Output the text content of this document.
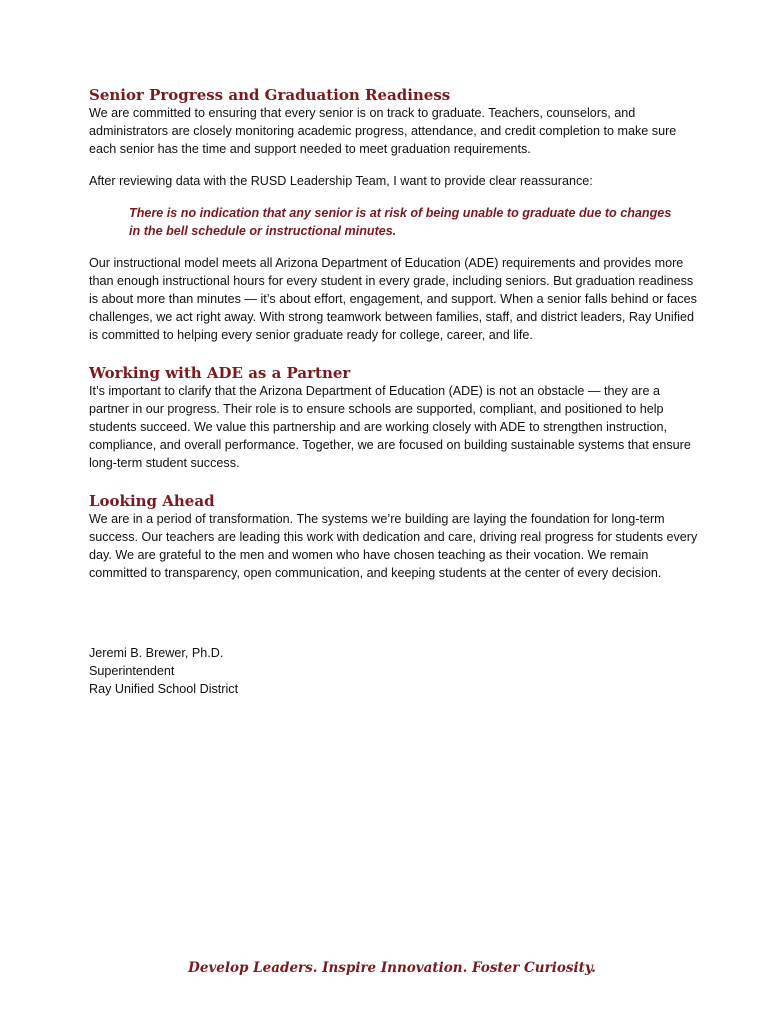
Senior Progress and Graduation Readiness

We are committed to ensuring that every senior is on track to graduate. Teachers, counselors, and administrators are closely monitoring academic progress, attendance, and credit completion to make sure each senior has the time and support needed to meet graduation requirements.

After reviewing data with the RUSD Leadership Team, I want to provide clear reassurance:

There is no indication that any senior is at risk of being unable to graduate due to changes in the bell schedule or instructional minutes.

Our instructional model meets all Arizona Department of Education (ADE) requirements and provides more than enough instructional hours for every student in every grade, including seniors. But graduation readiness is about more than minutes — it’s about effort, engagement, and support. When a senior falls behind or faces challenges, we act right away. With strong teamwork between families, staff, and district leaders, Ray Unified is committed to helping every senior graduate ready for college, career, and life.

Working with ADE as a Partner

It’s important to clarify that the Arizona Department of Education (ADE) is not an obstacle — they are a partner in our progress. Their role is to ensure schools are supported, compliant, and positioned to help students succeed. We value this partnership and are working closely with ADE to strengthen instruction, compliance, and overall performance. Together, we are focused on building sustainable systems that ensure long-term student success.

Looking Ahead

We are in a period of transformation. The systems we’re building are laying the foundation for long-term success. Our teachers are leading this work with dedication and care, driving real progress for students every day. We are grateful to the men and women who have chosen teaching as their vocation. We remain committed to transparency, open communication, and keeping students at the center of every decision.

Jeremi B. Brewer, Ph.D.
Superintendent
Ray Unified School District
Develop Leaders. Inspire Innovation. Foster Curiosity.
